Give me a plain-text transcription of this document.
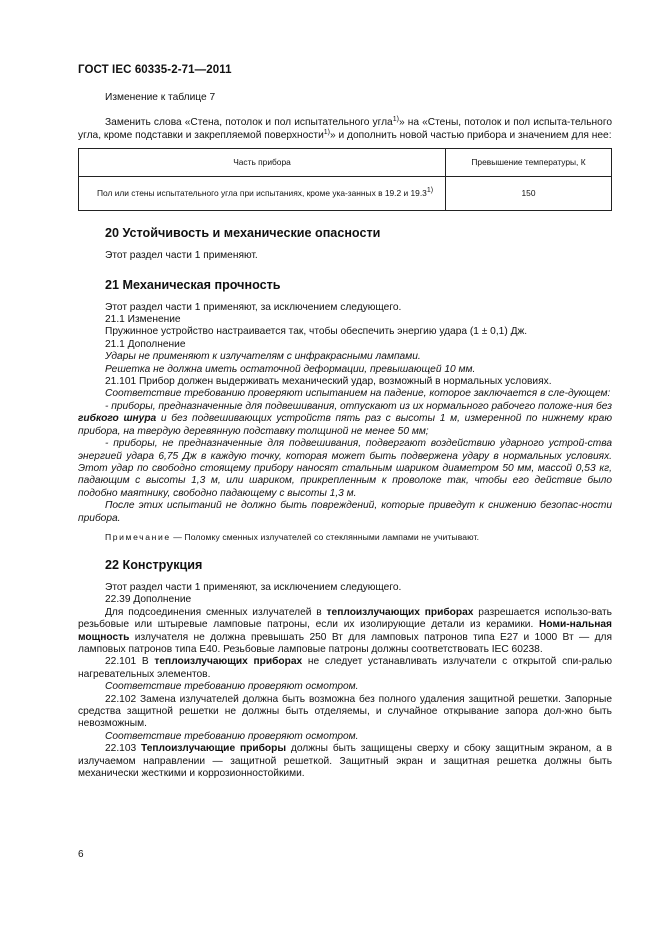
ГОСТ IEC 60335-2-71—2011

Изменение к таблице 7

Заменить слова «Стена, потолок и пол испытательного угла$^{1)}$» на «Стены, потолок и пол испыта-тельного угла, кроме подставки и закрепляемой поверхности$^{1)}$» и дополнить новой частью прибора и значением для нее:

Часть прибора	Превышение температуры, К
Пол или стены испытательного угла при испытаниях, кроме ука-занных в 19.2 и 19.3$^{1)}$	150
20 Устойчивость и механические опасности

Этот раздел части 1 применяют.

21 Механическая прочность

Этот раздел части 1 применяют, за исключением следующего.

21.1 Изменение

Пружинное устройство настраивается так, чтобы обеспечить энергию удара (1 ± 0,1) Дж.

21.1 Дополнение

Удары не применяют к излучателям с инфракрасными лампами.

Решетка не должна иметь остаточной деформации, превышающей 10 мм.

21.101 Прибор должен выдерживать механический удар, возможный в нормальных условиях.

Соответствие требованию проверяют испытанием на падение, которое заключается в сле-дующем:

- приборы, предназначенные для подвешивания, отпускают из их нормального рабочего положе-ния без гибкого шнура и без подвешивающих устройств пять раз с высоты 1 м, измеренной по нижнему краю прибора, на твердую деревянную подставку толщиной не менее 50 мм;

- приборы, не предназначенные для подвешивания, подвергают воздействию ударного устрой-ства энергией удара 6,75 Дж в каждую точку, которая может быть подвержена удару в нормальных условиях. Этот удар по свободно стоящему прибору наносят стальным шариком диаметром 50 мм, массой 0,53 кг, падающим с высоты 1,3 м, или шариком, прикрепленным к проволоке так, чтобы его действие было подобно маятнику, свободно падающему с высоты 1,3 м.

После этих испытаний не должно быть повреждений, которые приведут к снижению безопас-ности прибора.

Примечание — Поломку сменных излучателей со стеклянными лампами не учитывают.

22 Конструкция

Этот раздел части 1 применяют, за исключением следующего.

22.39 Дополнение

Для подсоединения сменных излучателей в теплоизлучающих приборах разрешается использо-вать резьбовые или штыревые ламповые патроны, если их изолирующие детали из керамики. Номи-нальная мощность излучателя не должна превышать 250 Вт для ламповых патронов типа Е27 и 1000 Вт — для ламповых патронов типа Е40. Резьбовые ламповые патроны должны соответствовать IEC 60238.

22.101 В теплоизлучающих приборах не следует устанавливать излучатели с открытой спи-ралью нагревательных элементов.

Соответствие требованию проверяют осмотром.

22.102 Замена излучателей должна быть возможна без полного удаления защитной решетки. Запорные средства защитной решетки не должны быть отделяемы, и случайное открывание запора дол-жно быть невозможным.

Соответствие требованию проверяют осмотром.

22.103 Теплоизлучающие приборы должны быть защищены сверху и сбоку защитным экраном, а в излучаемом направлении — защитной решеткой. Защитный экран и защитная решетка должны быть механически жесткими и коррозионностойкими.

6
